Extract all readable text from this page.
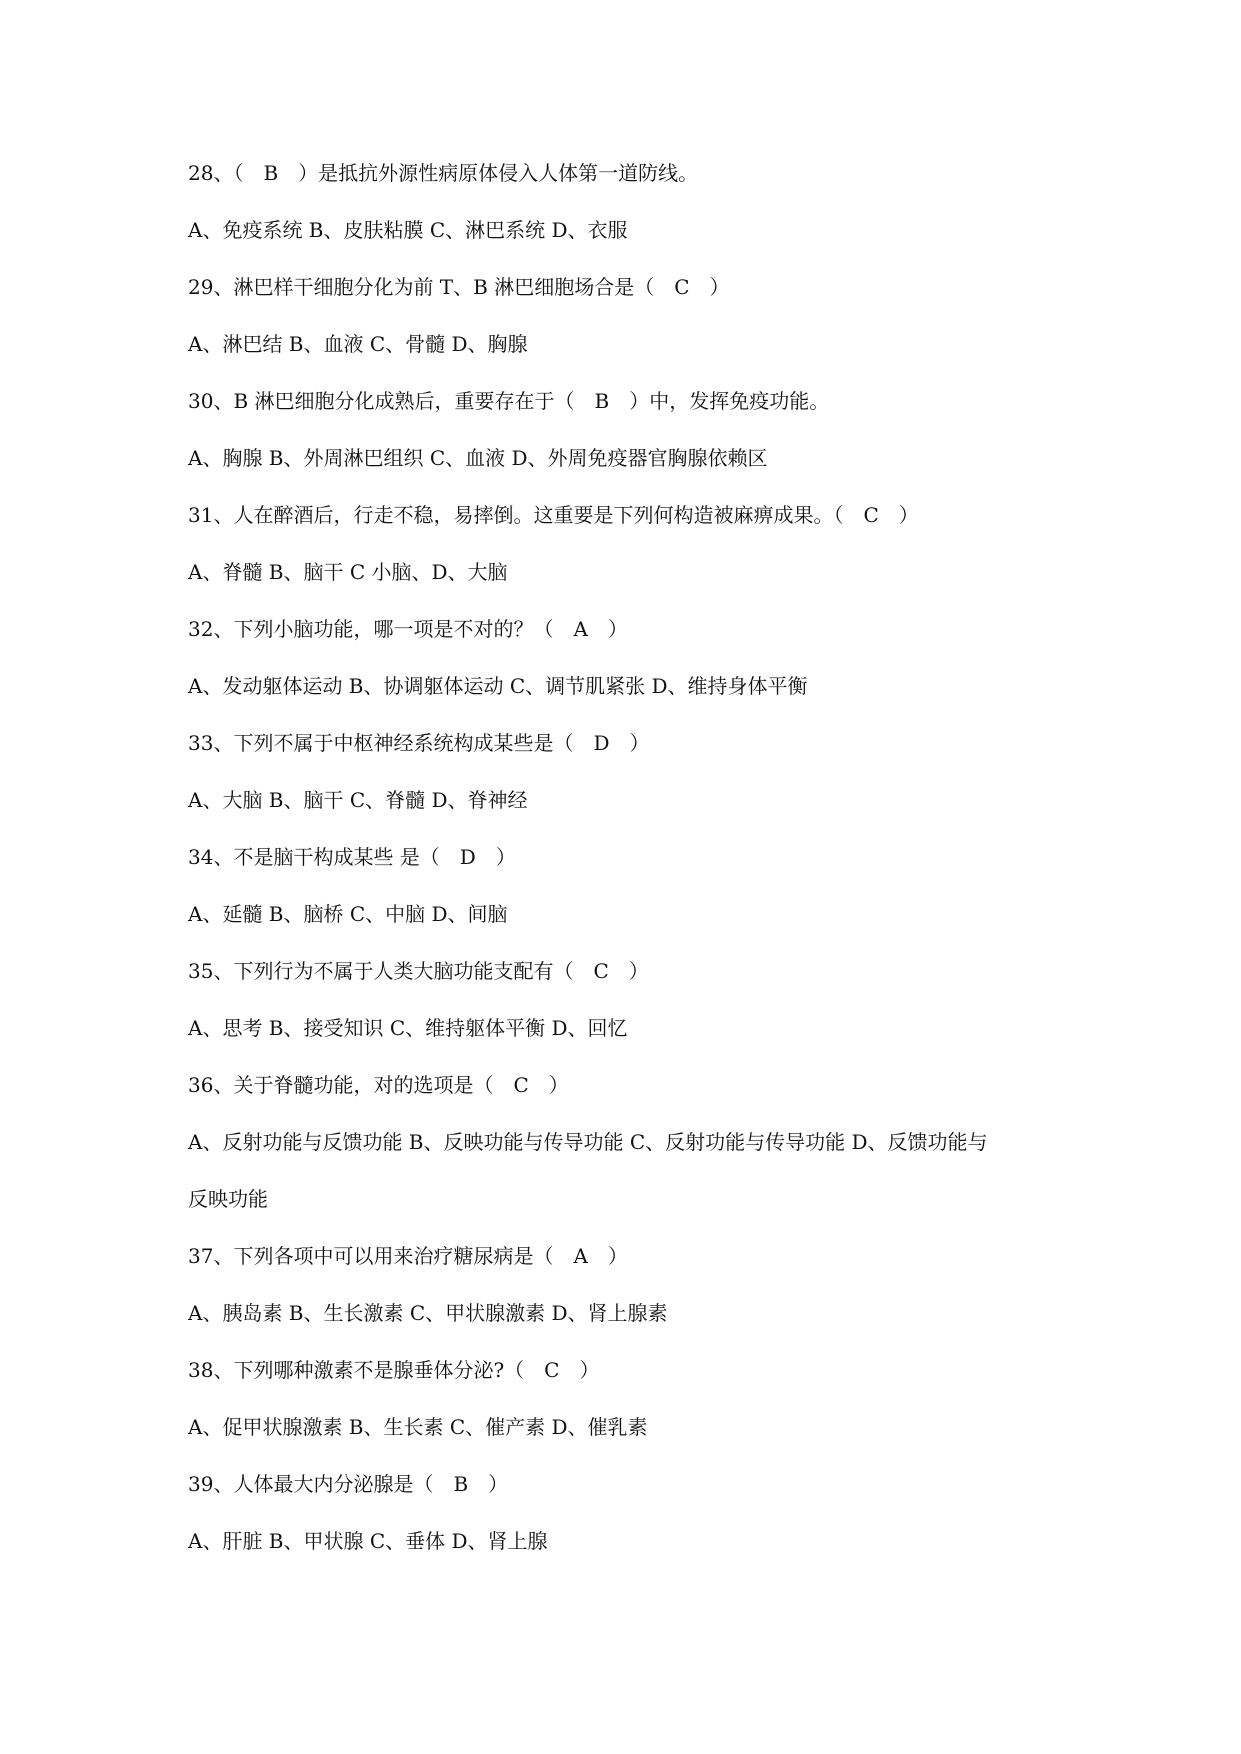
28、（　B　）是抵抗外源性病原体侵入人体第一道防线。
A、免疫系统 B、皮肤粘膜 C、淋巴系统 D、衣服
29、淋巴样干细胞分化为前 T、B 淋巴细胞场合是（　C　）
A、淋巴结 B、血液 C、骨髓 D、胸腺
30、B 淋巴细胞分化成熟后，重要存在于（　B　）中，发挥免疫功能。
A、胸腺 B、外周淋巴组织 C、血液 D、外周免疫器官胸腺依赖区
31、人在醉酒后，行走不稳，易摔倒。这重要是下列何构造被麻痹成果。（　C　）
A、脊髓 B、脑干 C 小脑、D、大脑
32、下列小脑功能，哪一项是不对的？（　A　）
A、发动躯体运动 B、协调躯体运动 C、调节肌紧张 D、维持身体平衡
33、下列不属于中枢神经系统构成某些是（　D　）
A、大脑 B、脑干 C、脊髓 D、脊神经
34、不是脑干构成某些 是（　D　）
A、延髓 B、脑桥 C、中脑 D、间脑
35、下列行为不属于人类大脑功能支配有（　C　）
A、思考 B、接受知识 C、维持躯体平衡 D、回忆
36、关于脊髓功能，对的选项是（　C　）
A、反射功能与反馈功能 B、反映功能与传导功能 C、反射功能与传导功能 D、反馈功能与
反映功能
37、下列各项中可以用来治疗糖尿病是（　A　）
A、胰岛素 B、生长激素 C、甲状腺激素 D、肾上腺素
38、下列哪种激素不是腺垂体分泌?（　C　）
A、促甲状腺激素 B、生长素 C、催产素 D、催乳素
39、人体最大内分泌腺是（　B　）
A、肝脏 B、甲状腺 C、垂体 D、肾上腺
